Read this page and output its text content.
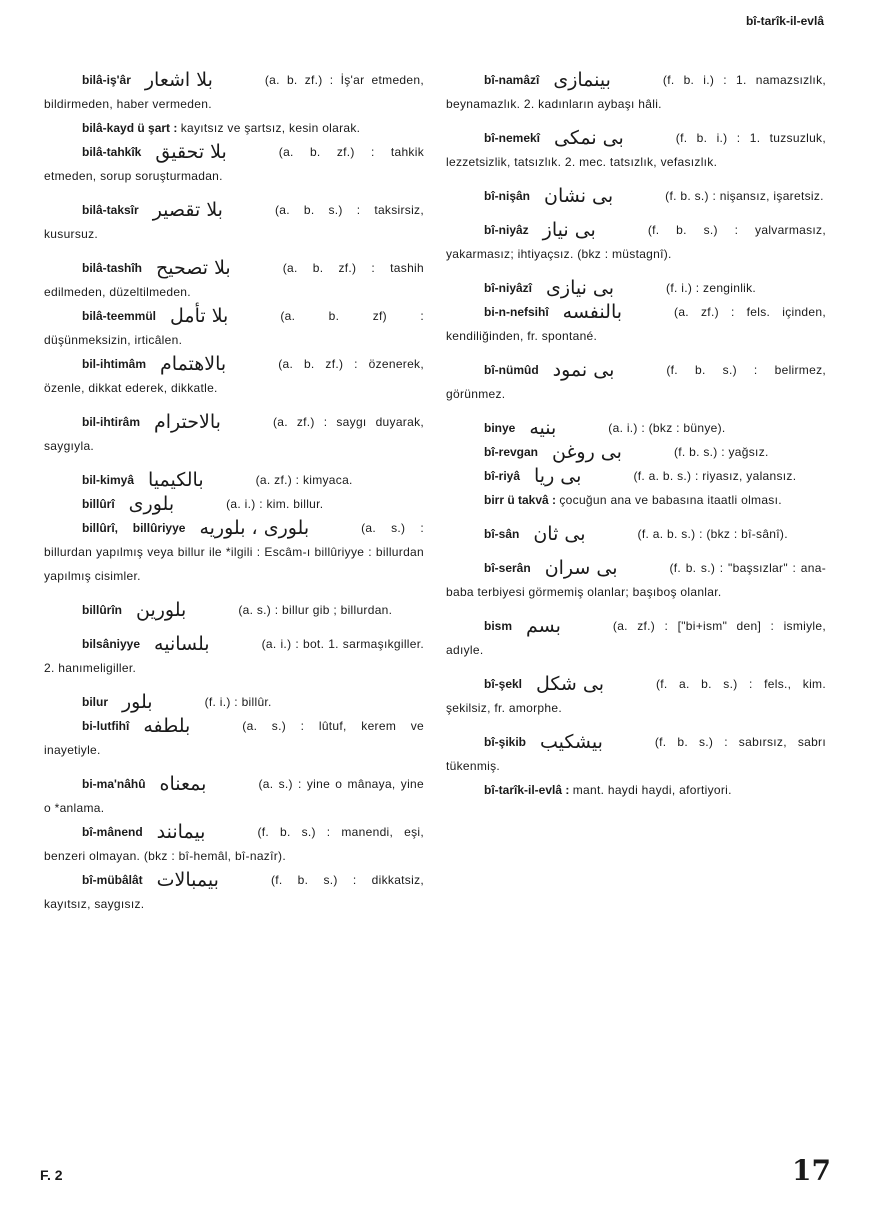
bî-tarîk-il-evlâ

bilâ-iş'âr بلا اشعار	(a. b. zf.) : İş'ar etmeden, bildirmeden, haber vermeden.

bilâ-kayd ü şart : kayıtsız ve şartsız, kesin olarak.

bilâ-tahkîk بلا تحقيق	(a. b. zf.) : tahkik etmeden, sorup soruşturmadan.

bilâ-taksîr بلا تقصير	(a. b. s.) : taksirsiz, kusursuz.

bilâ-tashîh بلا تصحيح	(a. b. zf.) : tashih edilmeden, düzeltilmeden.

bilâ-teemmül بلا تأمل	(a. b. zf) : düşünmeksizin, irticâlen.

bil-ihtimâm بالاهتمام	(a. b. zf.) : özenerek, özenle, dikkat ederek, dikkatle.

bil-ihtirâm بالاحترام	(a. zf.) : saygı duyarak, saygıyla.

bil-kimyâ بالكيميا	(a. zf.) : kimyaca.

billûrî بلورى	(a. i.) : kim. billur.

billûrî, billûriyye بلورى ، بلوريه	(a. s.) : billurdan yapılmış veya billur ile *ilgili : Escâm-ı billûriyye : billurdan yapılmış cisimler.

billûrîn بلورين	(a. s.) : billur gib ; billurdan.

bilsâniyye بلسانيه	(a. i.) : bot. 1. sarmaşıkgiller. 2. hanımeligiller.

bilur بلور	(f. i.) : billûr.

bi-lutfihî بلطفه	(a. s.) : lûtuf, kerem ve inayetiyle.

bi-ma'nâhû بمعناه	(a. s.) : yine o mânaya, yine o *anlama.

bî-mânend بيمانند	(f. b. s.) : manendi, eşi, benzeri olmayan. (bkz : bî-hemâl, bî-nazîr).

bî-mübâlât بيمبالات	(f. b. s.) : dikkatsiz, kayıtsız, saygısız.

bî-namâzî بينمازى	(f. b. i.) : 1. namazsızlık, beynamazlık. 2. kadınların aybaşı hâli.

bî-nemekî بى نمكى	(f. b. i.) : 1. tuzsuzluk, lezzetsizlik, tatsızlık. 2. mec. tatsızlık, vefasızlık.

bî-nişân بى نشان	(f. b. s.) : nişansız, işaretsiz.

bî-niyâz بى نياز	(f. b. s.) : yalvarmasız, yakarmasız; ihtiyaçsız. (bkz : müstagnî).

bî-niyâzî بى نيازى	(f. i.) : zenginlik.

bi-n-nefsihî بالنفسه	(a. zf.) : fels. içinden, kendiliğinden, fr. spontané.

bî-nümûd بى نمود	(f. b. s.) : belirmez, görünmez.

binye بنيه	(a. i.) : (bkz : bünye).

bî-revgan بى روغن	(f. b. s.) : yağsız.

bî-riyâ بى ريا	(f. a. b. s.) : riyasız, yalansız.

birr ü takvâ : çocuğun ana ve babasına itaatli olması.

bî-sân بى ثان	(f. a. b. s.) : (bkz : bî-sânî).

bî-serân بى سران	(f. b. s.) : "başsızlar" : ana-baba terbiyesi görmemiş olanlar; başıboş olanlar.

bism بسم	(a. zf.) : ["bi+ism" den] : ismiyle, adıyle.

bî-şekl بى شكل	(f. a. b. s.) : fels., kim. şekilsiz, fr. amorphe.

bî-şikib بيشكيب	(f. b. s.) : sabırsız, sabrı tükenmiş.

bî-tarîk-il-evlâ : mant. haydi haydi, afortiyori.

F. 2	17
